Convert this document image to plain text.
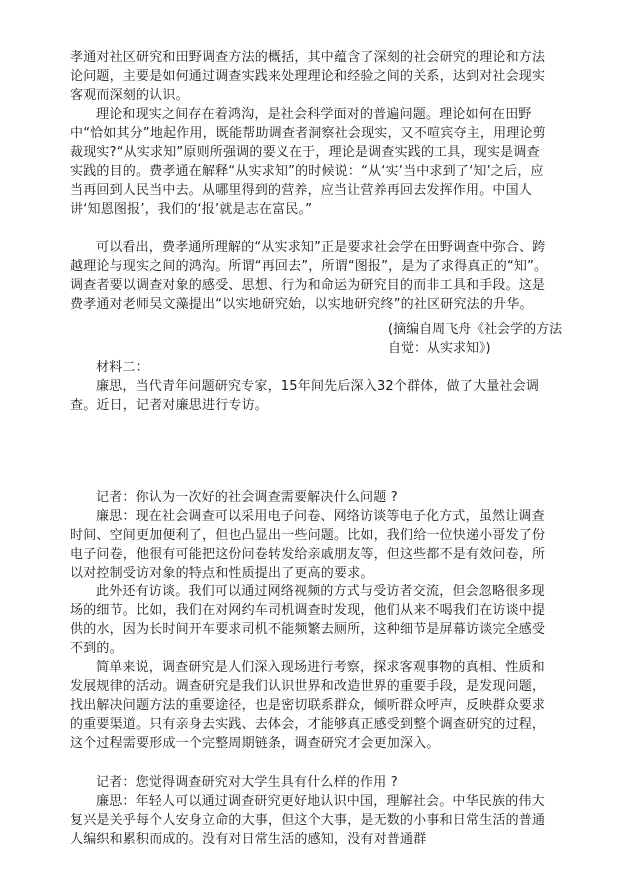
孝通对社区研究和田野调查方法的概括，其中蕴含了深刻的社会研究的理论和方法论问题，主要是如何通过调查实践来处理理论和经验之间的关系，达到对社会现实客观而深刻的认识。
理论和现实之间存在着鸿沟，是社会科学面对的普遍问题。理论如何在田野中“恰如其分”地起作用，既能帮助调查者洞察社会现实，又不喧宾夺主，用理论剪裁现实?“从实求知”原则所强调的要义在于，理论是调查实践的工具，现实是调查实践的目的。费孝通在解释“从实求知”的时候说：“从‘实’当中求到了‘知’之后，应当再回到人民当中去。从哪里得到的营养，应当让营养再回去发挥作用。中国人讲‘知恩图报’，我们的‘报’就是志在富民。”
可以看出，费孝通所理解的“从实求知”正是要求社会学在田野调查中弥合、跨越理论与现实之间的鸿沟。所谓“再回去”，所谓“图报”，是为了求得真正的“知”。调查者要以调查对象的感受、思想、行为和命运为研究目的而非工具和手段。这是费孝通对老师吴文藻提出“以实地研究始，以实地研究终”的社区研究法的升华。
(摘编自周飞舟《社会学的方法自觉：从实求知》)
材料二：
廉思，当代青年问题研究专家，15年间先后深入32个群体，做了大量社会调查。近日，记者对廉思进行专访。
记者：你认为一次好的社会调查需要解决什么问题 ?
廉思：现在社会调查可以采用电子问卷、网络访谈等电子化方式，虽然让调查时间、空间更加便利了，但也凸显出一些问题。比如，我们给一位快递小哥发了份电子问卷，他很有可能把这份问卷转发给亲戚朋友等，但这些都不是有效问卷，所以对控制受访对象的特点和性质提出了更高的要求。
此外还有访谈。我们可以通过网络视频的方式与受访者交流，但会忽略很多现场的细节。比如，我们在对网约车司机调查时发现，他们从来不喝我们在访谈中提供的水，因为长时间开车要求司机不能频繁去厕所，这种细节是屏幕访谈完全感受不到的。
简单来说，调查研究是人们深入现场进行考察，探求客观事物的真相、性质和发展规律的活动。调查研究是我们认识世界和改造世界的重要手段，是发现问题，找出解决问题方法的重要途径，也是密切联系群众，倾听群众呼声，反映群众要求的重要渠道。只有亲身去实践、去体会，才能够真正感受到整个调查研究的过程，这个过程需要形成一个完整周期链条，调查研究才会更加深入。
记者：您觉得调查研究对大学生具有什么样的作用 ?
廉思：年轻人可以通过调查研究更好地认识中国，理解社会。中华民族的伟大复兴是关乎每个人安身立命的大事，但这个大事，是无数的小事和日常生活的普通人编织和累积而成的。没有对日常生活的感知，没有对普通群
